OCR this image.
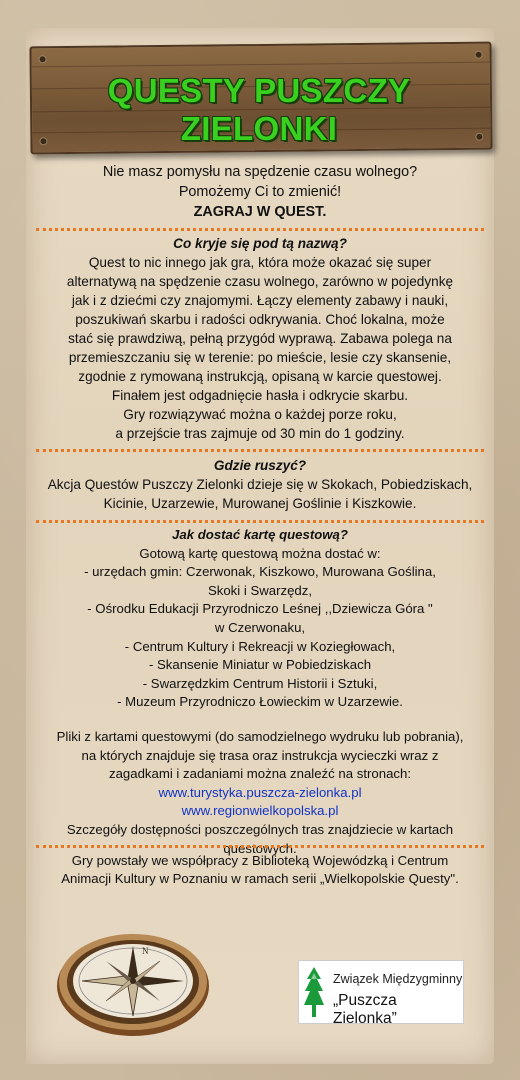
QUESTY PUSZCZY ZIELONKI
Nie masz pomysłu na spędzenie czasu wolnego?
Pomożemy Ci to zmienić!
ZAGRAJ W QUEST.
Co kryje się pod tą nazwą?
Quest to nic innego jak gra, która może okazać się super
alternatywą na spędzenie czasu wolnego, zarówno w pojedynkę
jak i z dziećmi czy znajomymi. Łączy elementy zabawy i nauki,
poszukiwań skarbu i radości odkrywania. Choć lokalna, może
stać się prawdziwą, pełną przygód wyprawą. Zabawa polega na
przemieszczaniu się w terenie: po mieście, lesie czy skansenie,
zgodnie z rymowaną instrukcją, opisaną w karcie questowej.
Finałem jest odgadnięcie hasła i odkrycie skarbu.
Gry rozwiązywać można o każdej porze roku,
a przejście tras zajmuje od 30 min do 1 godziny.
Gdzie ruszyć?
Akcja Questów Puszczy Zielonki dzieje się w Skokach, Pobiedziskach,
Kicinie, Uzarzewie, Murowanej Goślinie i Kiszkowie.
Jak dostać kartę questową?
Gotową kartę questową można dostać w:
- urzędach gmin: Czerwonak, Kiszkowo, Murowana Goślina,
Skoki i Swarzędz,
- Ośrodku Edukacji Przyrodniczo Leśnej ,,Dziewicza Góra "
w Czerwonaku,
- Centrum Kultury i Rekreacji w Koziegłowach,
- Skansenie Miniatur w Pobiedziskach
- Swarzędzkim Centrum Historii i Sztuki,
- Muzeum Przyrodniczo Łowieckim w Uzarzewie.
Pliki z kartami questowymi (do samodzielnego wydruku lub pobrania),
na których znajduje się trasa oraz instrukcja wycieczki wraz z
zagadkami i zadaniami można znaleźć na stronach:
www.turystyka.puszcza-zielonka.pl
www.regionwielkopolska.pl
Szczegóły dostępności poszczególnych tras znajdziecie w kartach
questowych.
Gry powstały we współpracy z Biblioteką Wojewódzką i Centrum
Animacji Kultury w Poznaniu w ramach serii „Wielkopolskie Questy".
N
Związek Międzygminny
„Puszcza Zielonka”
